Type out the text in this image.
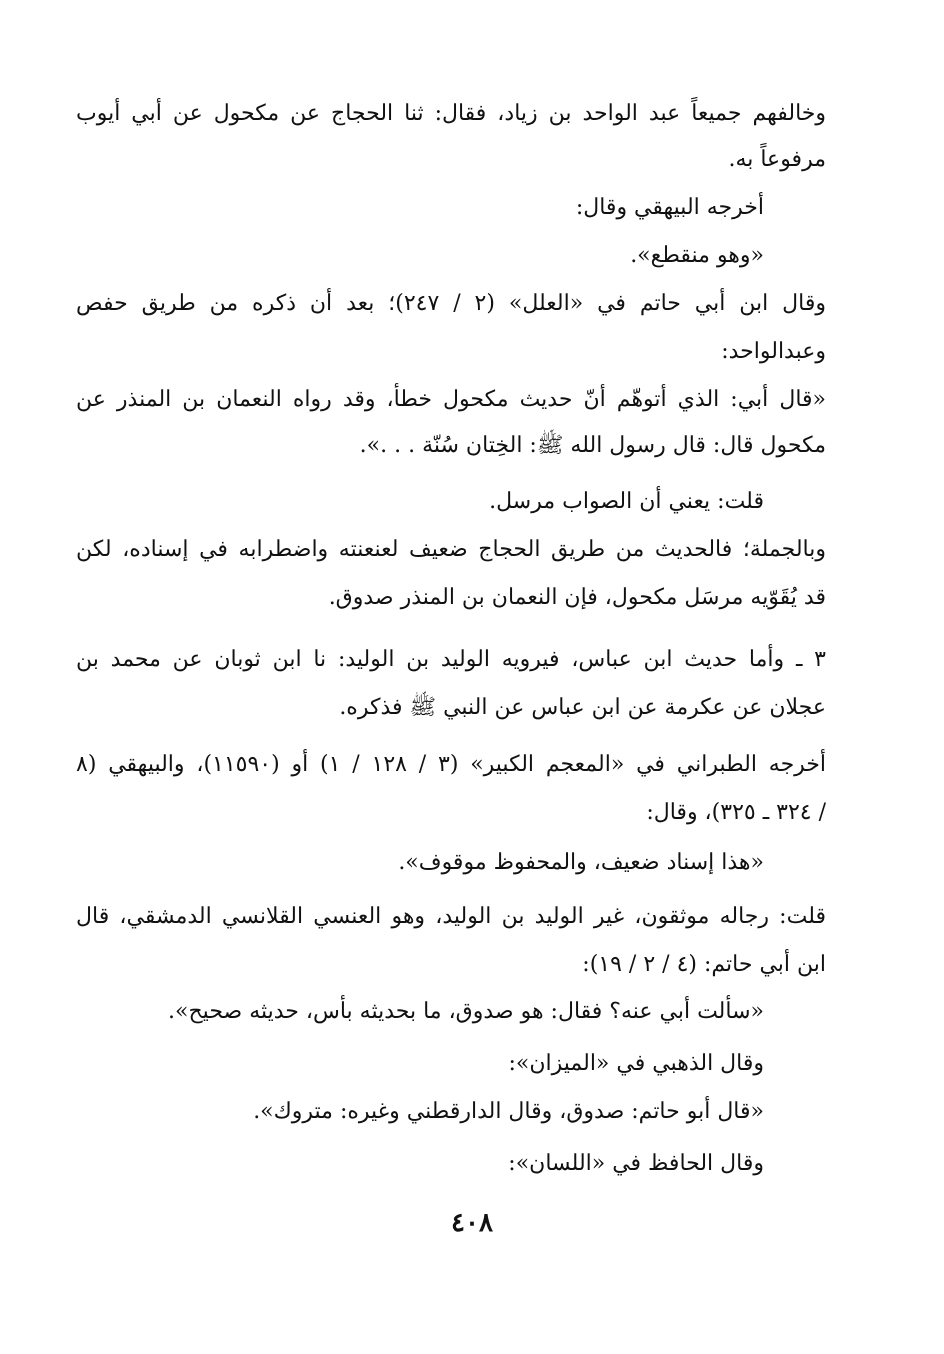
وخالفهم جميعاً عبد الواحد بن زياد، فقال: ثنا الحجاج عن مكحول عن أبي أيوب
مرفوعاً به.
أخرجه البيهقي وقال:
«وهو منقطع».
وقال ابن أبي حاتم في «العلل» (٢ / ٢٤٧)؛ بعد أن ذكره من طريق حفص
وعبدالواحد:
«قال أبي: الذي أتوهّم أنّ حديث مكحول خطأ، وقد رواه النعمان بن المنذر عن
مكحول قال: قال رسول الله ﷺ: الخِتان سُنّة . . .».
قلت: يعني أن الصواب مرسل.
وبالجملة؛ فالحديث من طريق الحجاج ضعيف لعنعنته واضطرابه في إسناده، لكن
قد يُقَوّيه مرسَل مكحول، فإن النعمان بن المنذر صدوق.
٣ ـ وأما حديث ابن عباس، فيرويه الوليد بن الوليد: نا ابن ثوبان عن محمد بن
عجلان عن عكرمة عن ابن عباس عن النبي ﷺ فذكره.
أخرجه الطبراني في «المعجم الكبير» (٣ / ١٢٨ / ١) أو (١١٥٩٠)، والبيهقي (٨
/ ٣٢٤ ـ ٣٢٥)، وقال:
«هذا إسناد ضعيف، والمحفوظ موقوف».
قلت: رجاله موثقون، غير الوليد بن الوليد، وهو العنسي القلانسي الدمشقي، قال
ابن أبي حاتم: (٤ / ٢ / ١٩):
«سألت أبي عنه؟ فقال: هو صدوق، ما بحديثه بأس، حديثه صحيح».
وقال الذهبي في «الميزان»:
«قال أبو حاتم: صدوق، وقال الدارقطني وغيره: متروك».
وقال الحافظ في «اللسان»:
٤٠٨
